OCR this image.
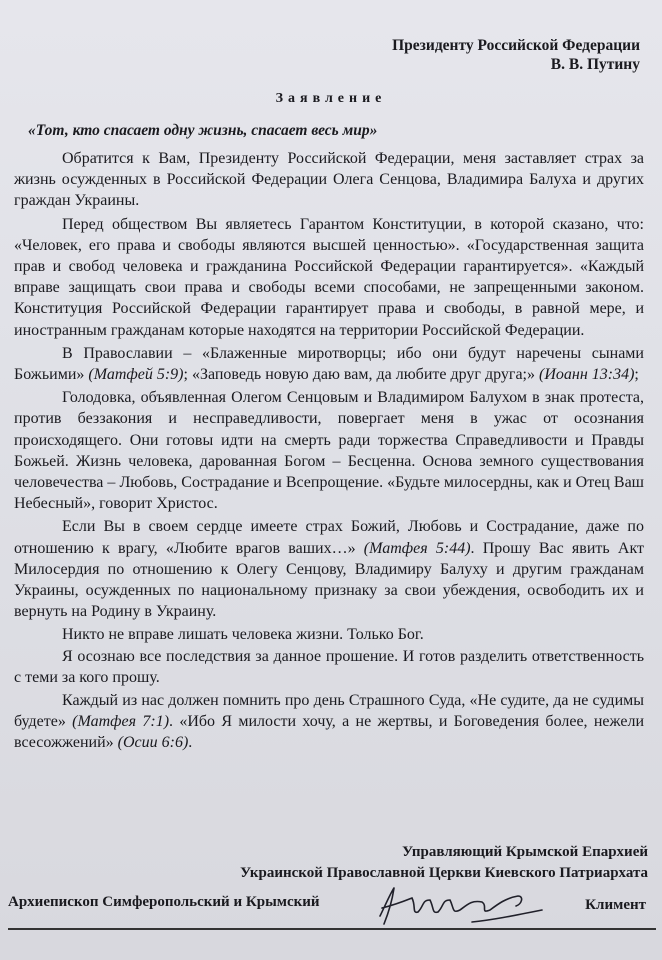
Президенту Российской Федерации
В. В. Путину
Заявление
«Тот, кто спасает одну жизнь, спасает весь мир»

Обратится к Вам, Президенту Российской Федерации, меня заставляет страх за жизнь осужденных в Российской Федерации Олега Сенцова, Владимира Балуха и других граждан Украины.

Перед обществом Вы являетесь Гарантом Конституции, в которой сказано, что: «Человек, его права и свободы являются высшей ценностью». «Государственная защита прав и свобод человека и гражданина Российской Федерации гарантируется». «Каждый вправе защищать свои права и свободы всеми способами, не запрещенными законом. Конституция Российской Федерации гарантирует права и свободы, в равной мере, и иностранным гражданам которые находятся на территории Российской Федерации.

В Православии – «Блаженные миротворцы; ибо они будут наречены сынами Божьими» (Матфей 5:9); «Заповедь новую даю вам, да любите друг друга;» (Иоанн 13:34);

Голодовка, объявленная Олегом Сенцовым и Владимиром Балухом в знак протеста, против беззакония и несправедливости, повергает меня в ужас от осознания происходящего. Они готовы идти на смерть ради торжества Справедливости и Правды Божьей. Жизнь человека, дарованная Богом – Бесценна. Основа земного существования человечества – Любовь, Сострадание и Всепрощение. «Будьте милосердны, как и Отец Ваш Небесный», говорит Христос.

Если Вы в своем сердце имеете страх Божий, Любовь и Сострадание, даже по отношению к врагу, «Любите врагов ваших…» (Матфея 5:44). Прошу Вас явить Акт Милосердия по отношению к Олегу Сенцову, Владимиру Балуху и другим гражданам Украины, осужденных по национальному признаку за свои убеждения, освободить их и вернуть на Родину в Украину.

Никто не вправе лишать человека жизни. Только Бог.

Я осознаю все последствия за данное прошение. И готов разделить ответственность с теми за кого прошу.

Каждый из нас должен помнить про день Страшного Суда, «Не судите, да не судимы будете» (Матфея 7:1). «Ибо Я милости хочу, а не жертвы, и Боговедения более, нежели всесожжений» (Осии 6:6).

Управляющий Крымской Епархией
Украинской Православной Церкви Киевского Патриархата
Архиепископ Симферопольский и Крымский	Климент
